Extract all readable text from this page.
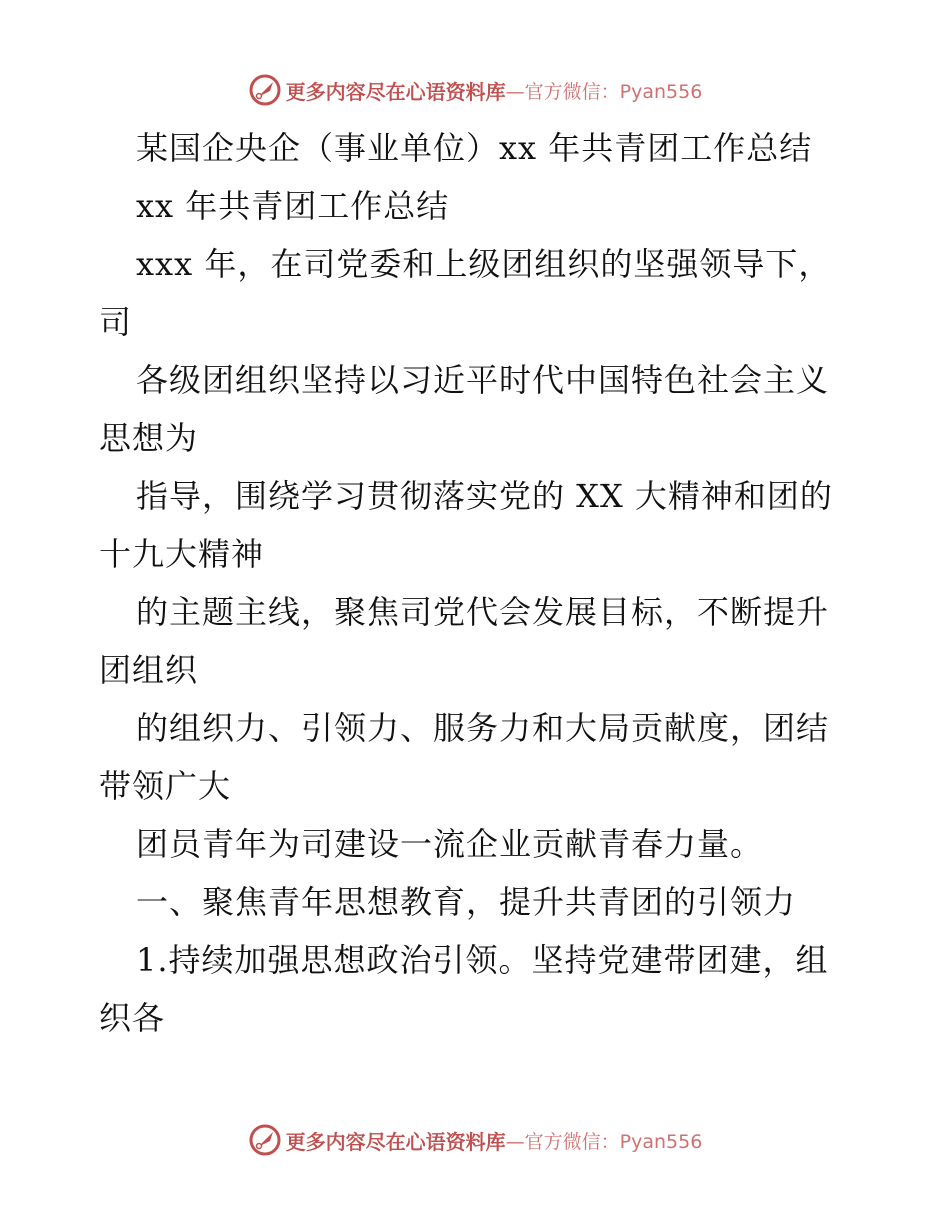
更多内容尽在心语资料库 —官方微信：Pyan556
某国企央企（事业单位）xx 年共青团工作总结
xx 年共青团工作总结
xxx 年，在司党委和上级团组织的坚强领导下，
司
各级团组织坚持以习近平时代中国特色社会主义
思想为
指导，围绕学习贯彻落实党的 XX 大精神和团的
十九大精神
的主题主线，聚焦司党代会发展目标，不断提升
团组织
的组织力、引领力、服务力和大局贡献度，团结
带领广大
团员青年为司建设一流企业贡献青春力量。
一、聚焦青年思想教育，提升共青团的引领力
1.持续加强思想政治引领。坚持党建带团建，组
织各
更多内容尽在心语资料库 —官方微信：Pyan556
